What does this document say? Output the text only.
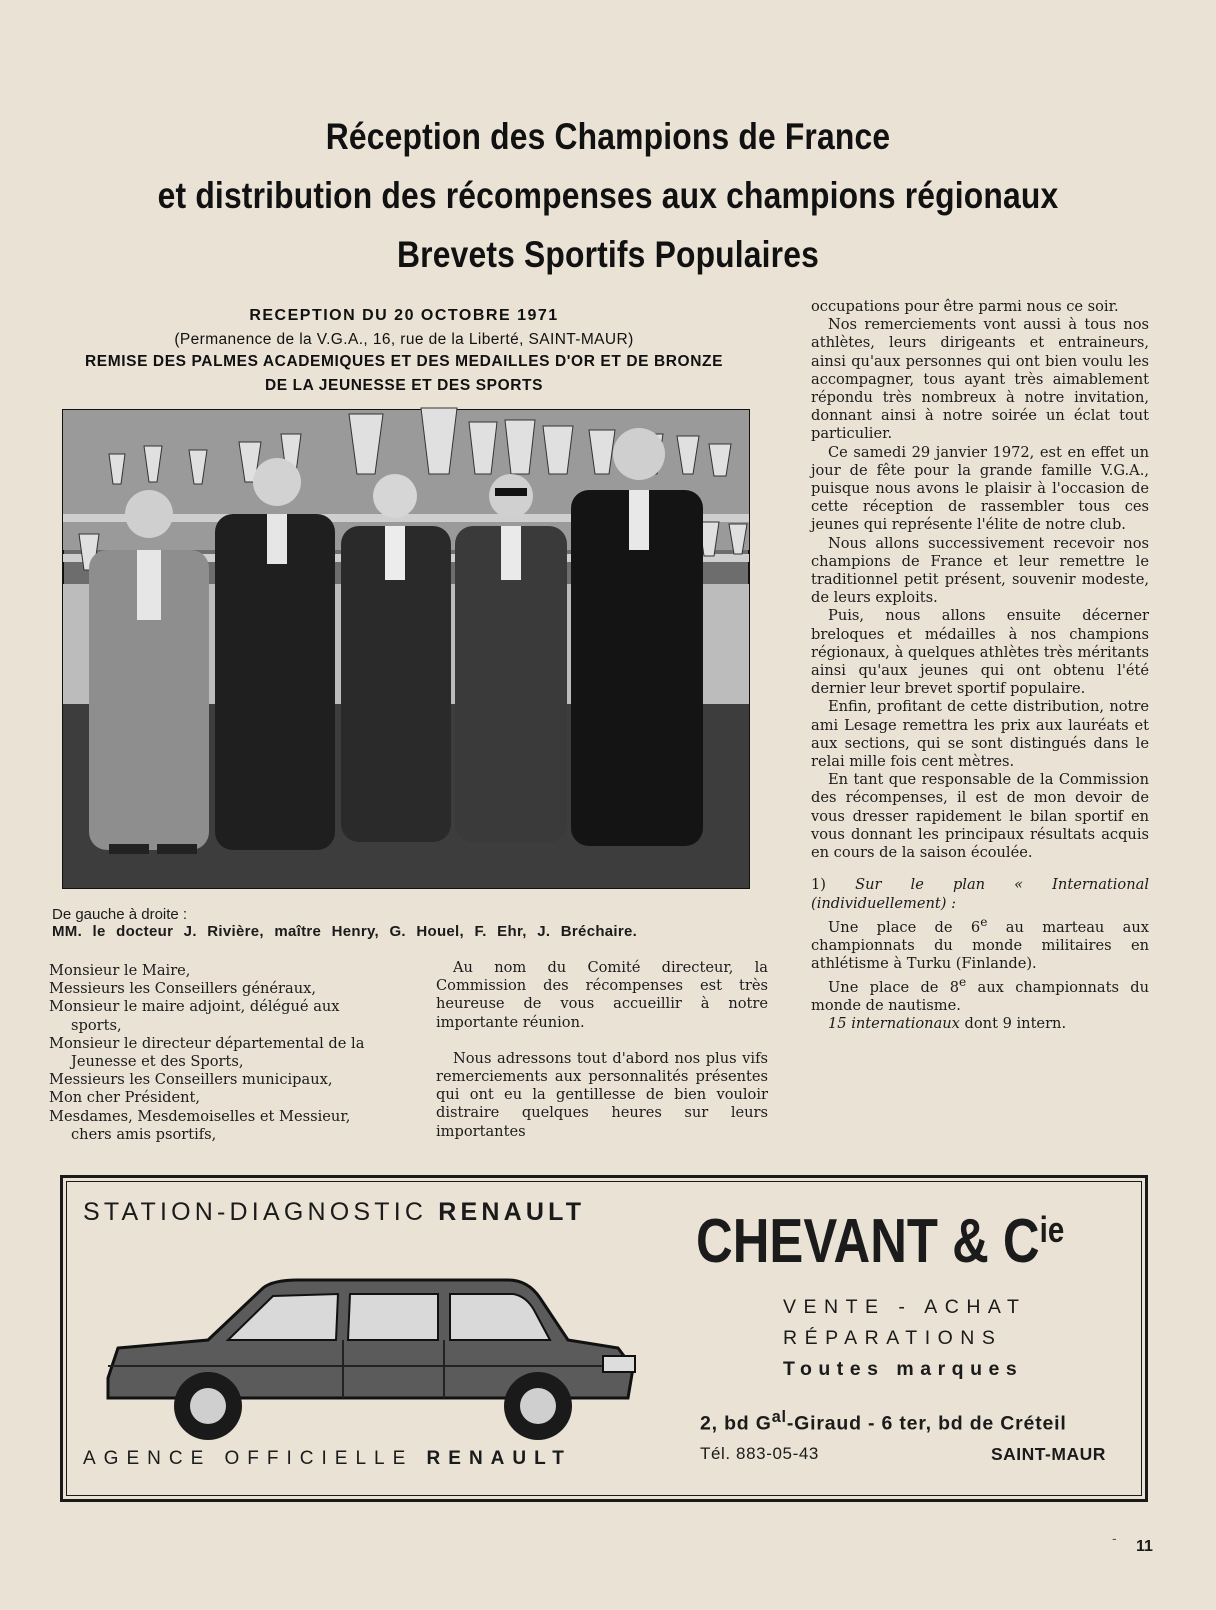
Réception des Champions de France
et distribution des récompenses aux champions régionaux
Brevets Sportifs Populaires
RECEPTION DU 20 OCTOBRE 1971
(Permanence de la V.G.A., 16, rue de la Liberté, SAINT-MAUR)
REMISE DES PALMES ACADEMIQUES ET DES MEDAILLES D'OR ET DE BRONZE
DE LA JEUNESSE ET DES SPORTS
De gauche à droite :
MM. le docteur J. Rivière, maître Henry, G. Houel, F. Ehr, J. Bréchaire.

Monsieur le Maire,

Messieurs les Conseillers généraux,

Monsieur le maire adjoint, délégué aux sports,

Monsieur le directeur départemental de la Jeunesse et des Sports,

Messieurs les Conseillers municipaux,

Mon cher Président,

Mesdames, Mesdemoiselles et Messieur, chers amis psortifs,

Au nom du Comité directeur, la Commission des récompenses est très heureuse de vous accueillir à notre importante réunion.

Nous adressons tout d'abord nos plus vifs remerciements aux personnalités présentes qui ont eu la gentillesse de bien vouloir distraire quelques heures sur leurs importantes

occupations pour être parmi nous ce soir.

Nos remerciements vont aussi à tous nos athlètes, leurs dirigeants et entraineurs, ainsi qu'aux personnes qui ont bien voulu les accompagner, tous ayant très aimablement répondu très nombreux à notre invitation, donnant ainsi à notre soirée un éclat tout particulier.

Ce samedi 29 janvier 1972, est en effet un jour de fête pour la grande famille V.G.A., puisque nous avons le plaisir à l'occasion de cette réception de rassembler tous ces jeunes qui représente l'élite de notre club.

Nous allons successivement recevoir nos champions de France et leur remettre le traditionnel petit présent, souvenir modeste, de leurs exploits.

Puis, nous allons ensuite décerner breloques et médailles à nos champions régionaux, à quelques athlètes très méritants ainsi qu'aux jeunes qui ont obtenu l'été dernier leur brevet sportif populaire.

Enfin, profitant de cette distribution, notre ami Lesage remettra les prix aux lauréats et aux sections, qui se sont distingués dans le relai mille fois cent mètres.

En tant que responsable de la Commission des récompenses, il est de mon devoir de vous dresser rapidement le bilan sportif en vous donnant les principaux résultats acquis en cours de la saison écoulée.

1) Sur le plan « International (individuellement) :

Une place de 6e au marteau aux championnats du monde militaires en athlétisme à Turku (Finlande).

Une place de 8e aux championnats du monde de nautisme.

15 internationaux dont 9 intern.

STATION-DIAGNOSTIC RENAULT CHEVANT & $C^{ie}$
VENTE - ACHAT
RÉPARATIONS
Toutes marques
2, bd $G^{al}$-Giraud - 6 ter, bd de Créteil
Tél. 883-05-43	SAINT-MAUR
AGENCE OFFICIELLE RENAULT
- 11
